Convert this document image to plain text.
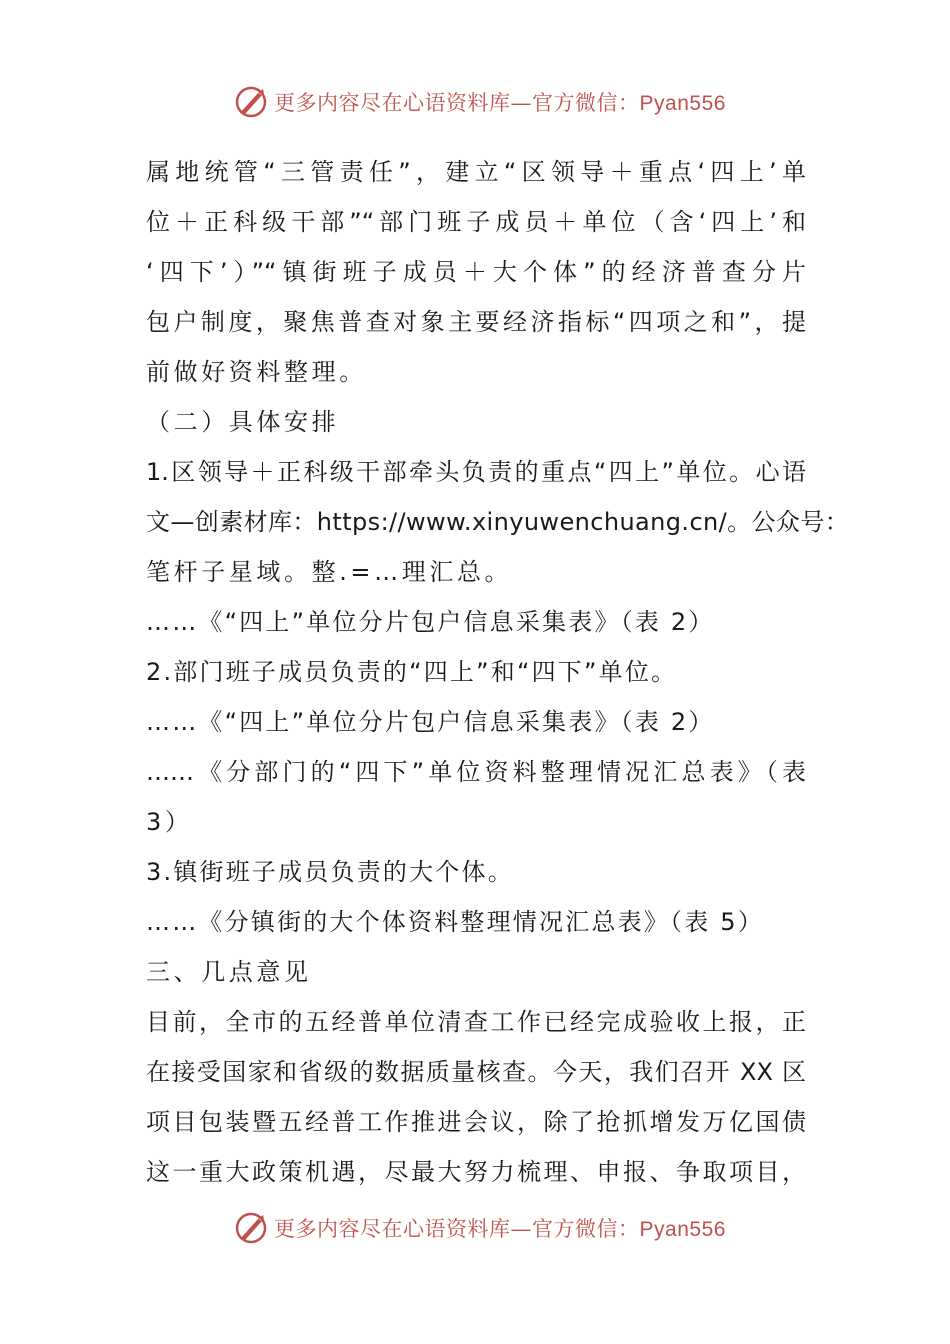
更多内容尽在心语资料库—官方微信：Pyan556
属地统管“三管责任”，建立“区领导＋重点‘四上’单
位＋正科级干部”“部门班子成员＋单位（含‘四上’和
‘四下’）”“镇街班子成员＋大个体”的经济普查分片
包户制度，聚焦普查对象主要经济指标“四项之和”，提
前做好资料整理。
（二）具体安排
1.区领导＋正科级干部牵头负责的重点“四上”单位。心语
文—创素材库：https://www.xinyuwenchuang.cn/。公众号：
笔杆子星域。整.=…理汇总。
……《“四上”单位分片包户信息采集表》（表 2）
2.部门班子成员负责的“四上”和“四下”单位。
……《“四上”单位分片包户信息采集表》（表 2）
……《分部门的“四下”单位资料整理情况汇总表》（表
3）
3.镇街班子成员负责的大个体。
……《分镇街的大个体资料整理情况汇总表》（表 5）
三、几点意见
目前，全市的五经普单位清查工作已经完成验收上报，正
在接受国家和省级的数据质量核查。今天，我们召开 XX 区
项目包装暨五经普工作推进会议，除了抢抓增发万亿国债
这一重大政策机遇，尽最大努力梳理、申报、争取项目，
更多内容尽在心语资料库—官方微信：Pyan556
